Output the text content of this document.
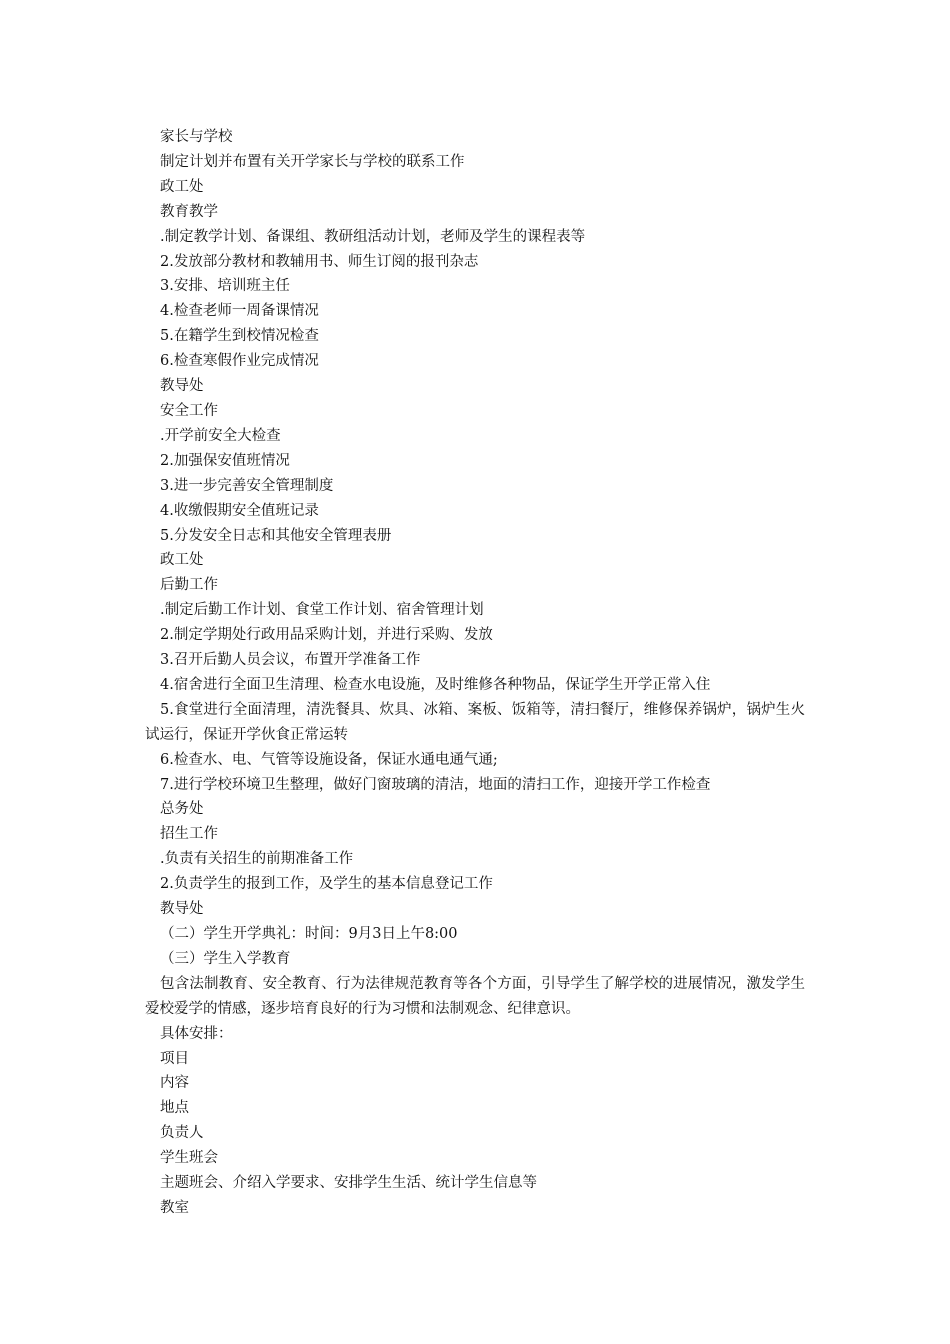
家长与学校

制定计划并布置有关开学家长与学校的联系工作

政工处

教育教学

.制定教学计划、备课组、教研组活动计划，老师及学生的课程表等

2.发放部分教材和教辅用书、师生订阅的报刊杂志

3.安排、培训班主任

4.检查老师一周备课情况

5.在籍学生到校情况检查

6.检查寒假作业完成情况

教导处

安全工作

.开学前安全大检查

2.加强保安值班情况

3.进一步完善安全管理制度

4.收缴假期安全值班记录

5.分发安全日志和其他安全管理表册

政工处

后勤工作

.制定后勤工作计划、食堂工作计划、宿舍管理计划

2.制定学期处行政用品采购计划，并进行采购、发放

3.召开后勤人员会议，布置开学准备工作

4.宿舍进行全面卫生清理、检查水电设施，及时维修各种物品，保证学生开学正常入住

5.食堂进行全面清理，清洗餐具、炊具、冰箱、案板、饭箱等，清扫餐厅，维修保养锅炉，锅炉生火试运行，保证开学伙食正常运转

6.检查水、电、气管等设施设备，保证水通电通气通;

7.进行学校环境卫生整理，做好门窗玻璃的清洁，地面的清扫工作，迎接开学工作检查

总务处

招生工作

.负责有关招生的前期准备工作

2.负责学生的报到工作，及学生的基本信息登记工作

教导处

（二）学生开学典礼：时间：9月3日上午8:00

（三）学生入学教育

包含法制教育、安全教育、行为法律规范教育等各个方面，引导学生了解学校的进展情况，激发学生爱校爱学的情感，逐步培育良好的行为习惯和法制观念、纪律意识。

具体安排：

项目

内容

地点

负责人

学生班会

主题班会、介绍入学要求、安排学生生活、统计学生信息等

教室
